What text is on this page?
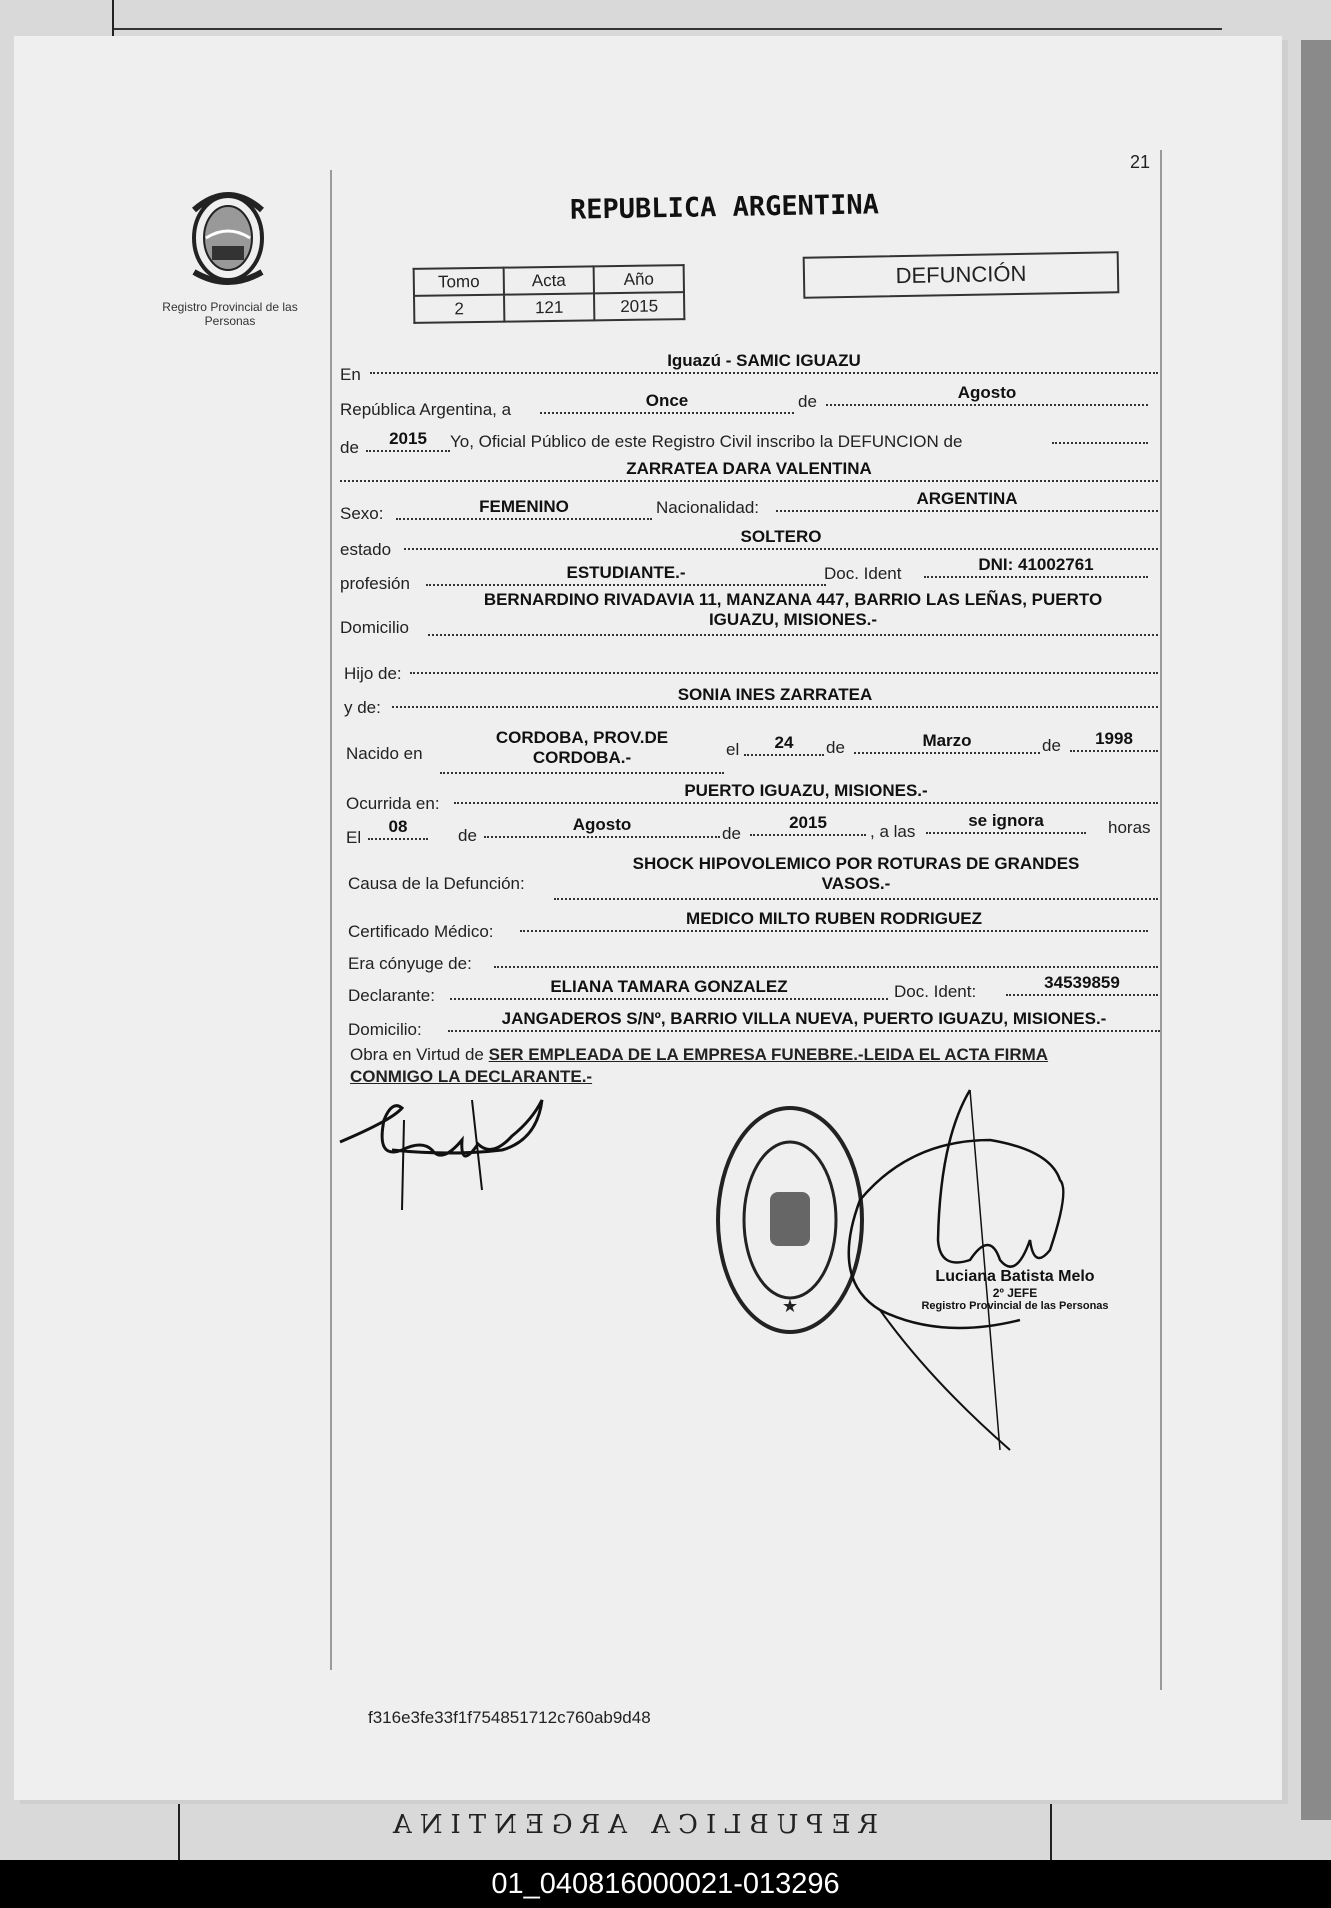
REPUBLICA ARGENTINA
21
Registro Provincial de las Personas
REPUBLICA ARGENTINA
Tomo	Acta	Año
2	121	2015
DEFUNCIÓN
En
Iguazú - SAMIC IGUAZU
República Argentina, a	Once	de	Agosto
de	2015	Yo, Oficial Público de este Registro Civil inscribo la DEFUNCION de
ZARRATEA DARA VALENTINA
Sexo:	FEMENINO	Nacionalidad:	ARGENTINA
estado
SOLTERO
profesión
ESTUDIANTE.-	Doc. Ident	DNI: 41002761
Domicilio
BERNARDINO RIVADAVIA 11, MANZANA 447, BARRIO LAS LEÑAS, PUERTO
IGUAZU, MISIONES.-
Hijo de:
y de:
SONIA INES ZARRATEA
Nacido en
CORDOBA, PROV.DE
CORDOBA.-	el	24	de	Marzo	de	1998
Ocurrida en:
PUERTO IGUAZU, MISIONES.-
El
08	de
Agosto	de
2015	, a las
se ignora	horas
Causa de la Defunción:
SHOCK HIPOVOLEMICO POR ROTURAS DE GRANDES
VASOS.-
Certificado Médico:
MEDICO MILTO RUBEN RODRIGUEZ
Era cónyuge de:
Declarante:	ELIANA TAMARA GONZALEZ	Doc. Ident:	34539859
Domicilio:
JANGADEROS S/Nº, BARRIO VILLA NUEVA, PUERTO IGUAZU, MISIONES.-
Obra en Virtud de SER EMPLEADA DE LA EMPRESA FUNEBRE.-LEIDA EL ACTA FIRMA
CONMIGO LA DECLARANTE.-
★
Luciana Batista Melo
2º JEFE
Registro Provincial de las Personas
f316e3fe33f1f754851712c760ab9d48
01_040816000021-013296
